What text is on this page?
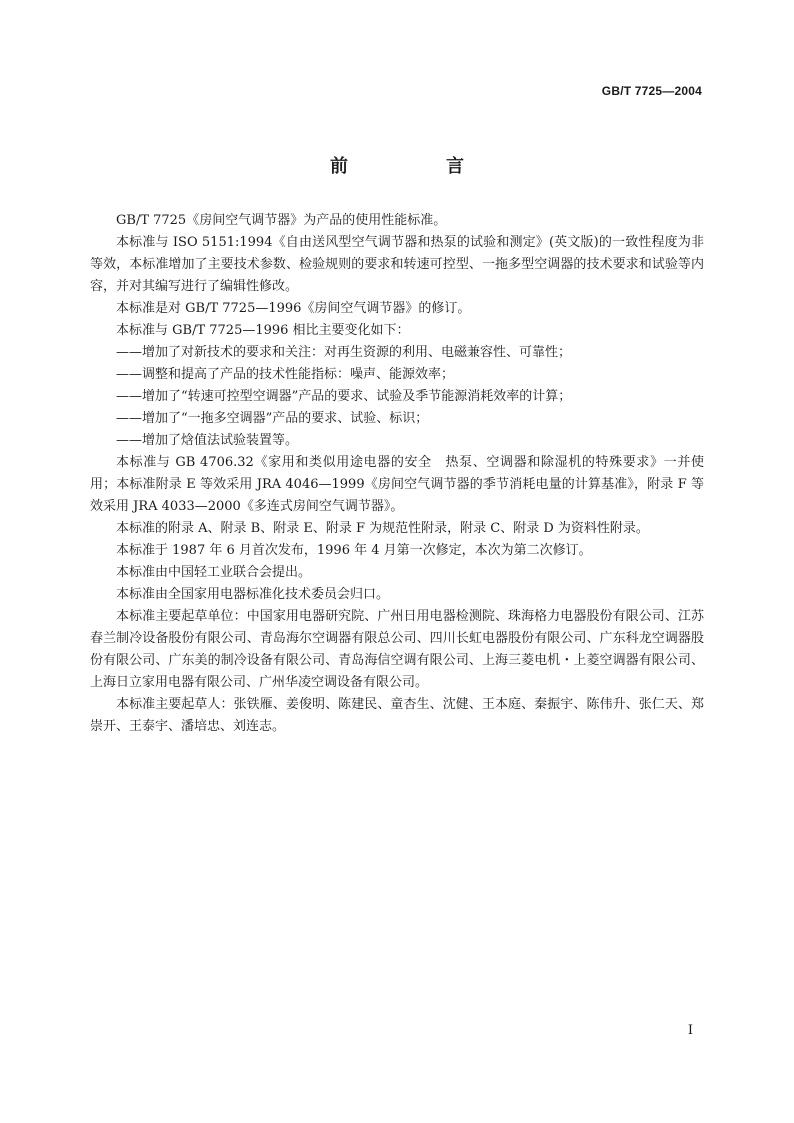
GB/T 7725—2004
前　言

GB/T 7725《房间空气调节器》为产品的使用性能标准。

本标准与 ISO 5151:1994《自由送风型空气调节器和热泵的试验和测定》(英文版)的一致性程度为非等效，本标准增加了主要技术参数、检验规则的要求和转速可控型、一拖多型空调器的技术要求和试验等内容，并对其编写进行了编辑性修改。

本标准是对 GB/T 7725—1996《房间空气调节器》的修订。

本标准与 GB/T 7725—1996 相比主要变化如下：

——增加了对新技术的要求和关注：对再生资源的利用、电磁兼容性、可靠性；

——调整和提高了产品的技术性能指标：噪声、能源效率；

——增加了“转速可控型空调器”产品的要求、试验及季节能源消耗效率的计算；

——增加了“一拖多空调器”产品的要求、试验、标识；

——增加了焓值法试验装置等。

本标准与 GB 4706.32《家用和类似用途电器的安全　热泵、空调器和除湿机的特殊要求》一并使用；本标准附录 E 等效采用 JRA 4046—1999《房间空气调节器的季节消耗电量的计算基准》，附录 F 等效采用 JRA 4033—2000《多连式房间空气调节器》。

本标准的附录 A、附录 B、附录 E、附录 F 为规范性附录，附录 C、附录 D 为资料性附录。

本标准于 1987 年 6 月首次发布，1996 年 4 月第一次修定，本次为第二次修订。

本标准由中国轻工业联合会提出。

本标准由全国家用电器标准化技术委员会归口。

本标准主要起草单位：中国家用电器研究院、广州日用电器检测院、珠海格力电器股份有限公司、江苏春兰制冷设备股份有限公司、青岛海尔空调器有限总公司、四川长虹电器股份有限公司、广东科龙空调器股份有限公司、广东美的制冷设备有限公司、青岛海信空调有限公司、上海三菱电机・上菱空调器有限公司、上海日立家用电器有限公司、广州华凌空调设备有限公司。

本标准主要起草人：张铁雁、姜俊明、陈建民、童杏生、沈健、王本庭、秦振宇、陈伟升、张仁天、郑崇开、王泰宇、潘培忠、刘连志。

I
